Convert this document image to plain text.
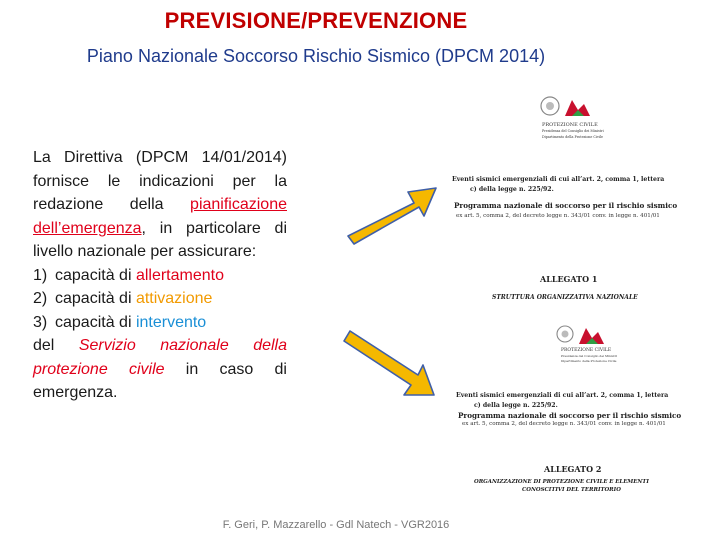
PREVISIONE/PREVENZIONE
Piano Nazionale Soccorso Rischio Sismico (DPCM 2014)
La Direttiva (DPCM 14/01/2014) fornisce le indicazioni per la redazione della pianificazione dell’emergenza, in particolare di livello nazionale per assicurare:
1) capacità di allertamento
2) capacità di attivazione
3) capacità di intervento
del Servizio nazionale della protezione civile in caso di emergenza.
PROTEZIONE CIVILE
Presidenza del Consiglio dei Ministri
Dipartimento della Protezione Civile
Eventi sismici emergenziali di cui all’art. 2, comma 1, lettera
c) della legge n. 225/92.
Programma nazionale di soccorso per il rischio sismico
ex art. 5, comma 2, del decreto legge n. 343/01 conv. in legge n. 401/01
ALLEGATO 1
STRUTTURA ORGANIZZATIVA NAZIONALE
PROTEZIONE CIVILE
Presidenza del Consiglio dei Ministri
Dipartimento della Protezione Civile
Eventi sismici emergenziali di cui all’art. 2, comma 1, lettera
c) della legge n. 225/92.
Programma nazionale di soccorso per il rischio sismico
ex art. 5, comma 2, del decreto legge n. 343/01 conv. in legge n. 401/01
ALLEGATO 2
ORGANIZZAZIONE DI PROTEZIONE CIVILE E ELEMENTI
CONOSCITIVI DEL TERRITORIO
F. Geri, P. Mazzarello - Gdl Natech - VGR2016
